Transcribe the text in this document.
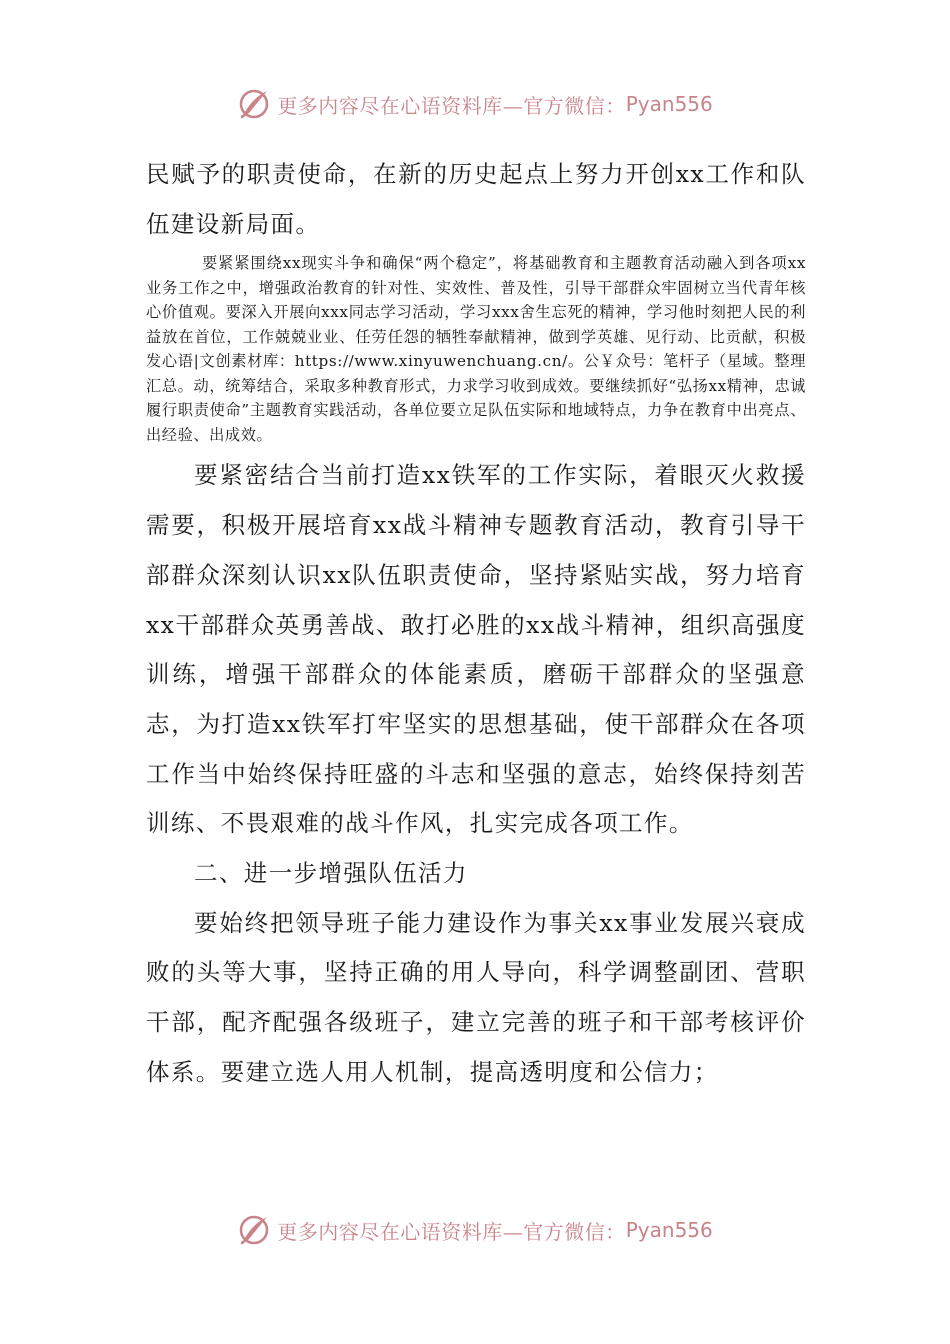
更多内容尽在心语资料库—官方微信： Pyan556

民赋予的职责使命，在新的历史起点上努力开创xx工作和队伍建设新局面。

要紧紧围绕xx现实斗争和确保“两个稳定”，将基础教育和主题教育活动融入到各项xx业务工作之中，增强政治教育的针对性、实效性、普及性，引导干部群众牢固树立当代青年核心价值观。要深入开展向xxx同志学习活动，学习xxx舍生忘死的精神，学习他时刻把人民的利益放在首位，工作兢兢业业、任劳任怨的牺牲奉献精神，做到学英雄、见行动、比贡献，积极发心语|文创素材库：https://www.xinyuwenchuang.cn/。公￥众号：笔杆子（星域。整理汇总。动，统筹结合，采取多种教育形式，力求学习收到成效。要继续抓好“弘扬xx精神，忠诚履行职责使命”主题教育实践活动，各单位要立足队伍实际和地域特点，力争在教育中出亮点、出经验、出成效。

要紧密结合当前打造xx铁军的工作实际，着眼灭火救援需要，积极开展培育xx战斗精神专题教育活动，教育引导干部群众深刻认识xx队伍职责使命，坚持紧贴实战，努力培育xx干部群众英勇善战、敢打必胜的xx战斗精神，组织高强度训练，增强干部群众的体能素质，磨砺干部群众的坚强意志，为打造xx铁军打牢坚实的思想基础，使干部群众在各项工作当中始终保持旺盛的斗志和坚强的意志，始终保持刻苦训练、不畏艰难的战斗作风，扎实完成各项工作。

二、进一步增强队伍活力

要始终把领导班子能力建设作为事关xx事业发展兴衰成败的头等大事，坚持正确的用人导向，科学调整副团、营职干部，配齐配强各级班子，建立完善的班子和干部考核评价体系。要建立选人用人机制，提高透明度和公信力；

更多内容尽在心语资料库—官方微信： Pyan556
